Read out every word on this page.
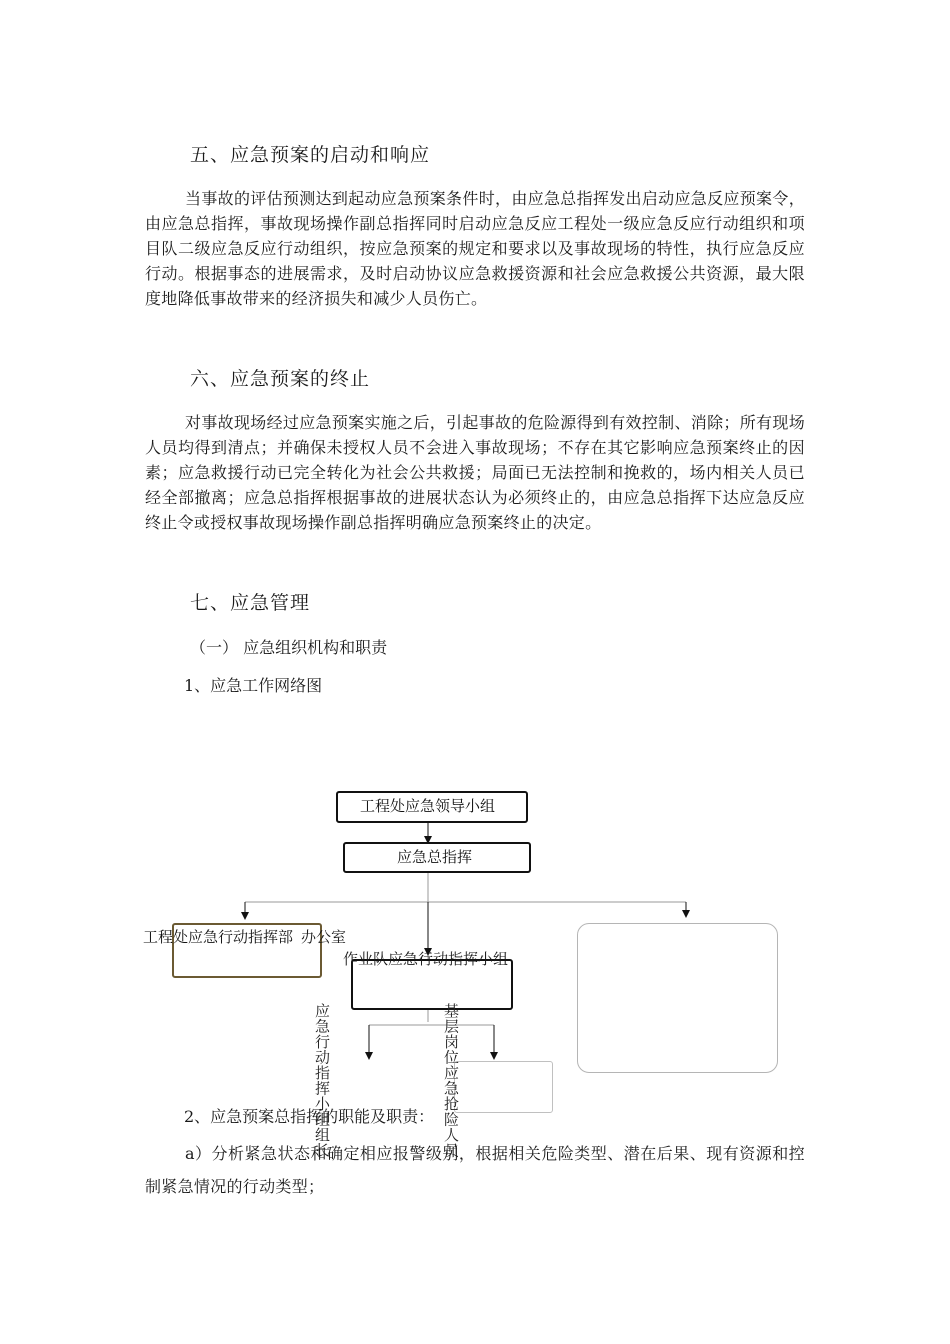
五、应急预案的启动和响应

当事故的评估预测达到起动应急预案条件时，由应急总指挥发出启动应急反应预案令，由应急总指挥，事故现场操作副总指挥同时启动应急反应工程处一级应急反应行动组织和项目队二级应急反应行动组织，按应急预案的规定和要求以及事故现场的特性，执行应急反应行动。根据事态的进展需求，及时启动协议应急救援资源和社会应急救援公共资源，最大限度地降低事故带来的经济损失和减少人员伤亡。

六、应急预案的终止

对事故现场经过应急预案实施之后，引起事故的危险源得到有效控制、消除；所有现场人员均得到清点；并确保未授权人员不会进入事故现场；不存在其它影响应急预案终止的因素；应急救援行动已完全转化为社会公共救援；局面已无法控制和挽救的，场内相关人员已经全部撤离；应急总指挥根据事故的进展状态认为必须终止的，由应急总指挥下达应急反应终止令或授权事故现场操作副总指挥明确应急预案终止的决定。

七、应急管理
（一） 应急组织机构和职责
1、应急工作网络图
工程处应急领导小组
应急总指挥
工程处应急行动指挥部 办公室
作业队应急行动指挥小组
应急行动指挥小组组长	基层岗位应急抢险人员
2、应急预案总指挥的职能及职责：

a）分析紧急状态和确定相应报警级别，根据相关危险类型、潜在后果、现有资源和控制紧急情况的行动类型；
